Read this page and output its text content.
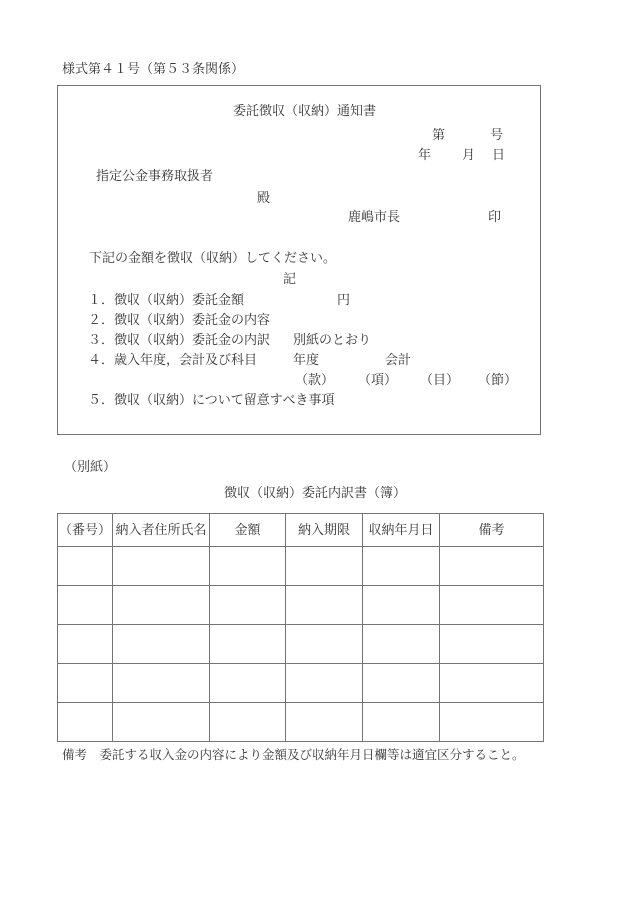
様式第４１号（第５３条関係）
委託徴収（収納）通知書
第	号
年 月 日
指定公金事務取扱者
殿
鹿嶋市長	印
下記の金額を徴収（収納）してください。
記
１．徴収（収納）委託金額	円
２．徴収（収納）委託金の内容
３．徴収（収納）委託金の内訳 別紙のとおり
４．歳入年度，会計及び科目	年度	会計
（款） （項） （目） （節）
５．徴収（収納）について留意すべき事項
（別紙）
徴収（収納）委託内訳書（簿）
（番号）	納入者住所氏名	金額	納入期限	収納年月日	備考

備考　委託する収入金の内容により金額及び収納年月日欄等は適宜区分すること。
